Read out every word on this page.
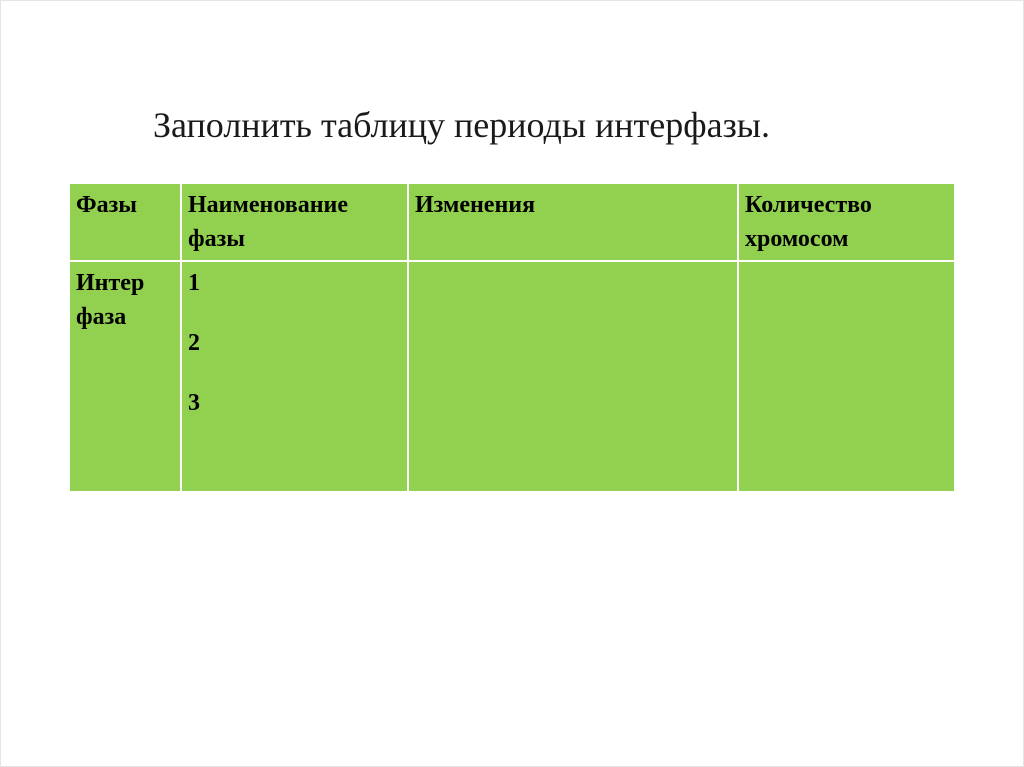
Заполнить таблицу периоды интерфазы.
Фазы	Наименование фазы	Изменения	Количество хромосом

Интер фаза	1
2
3		
